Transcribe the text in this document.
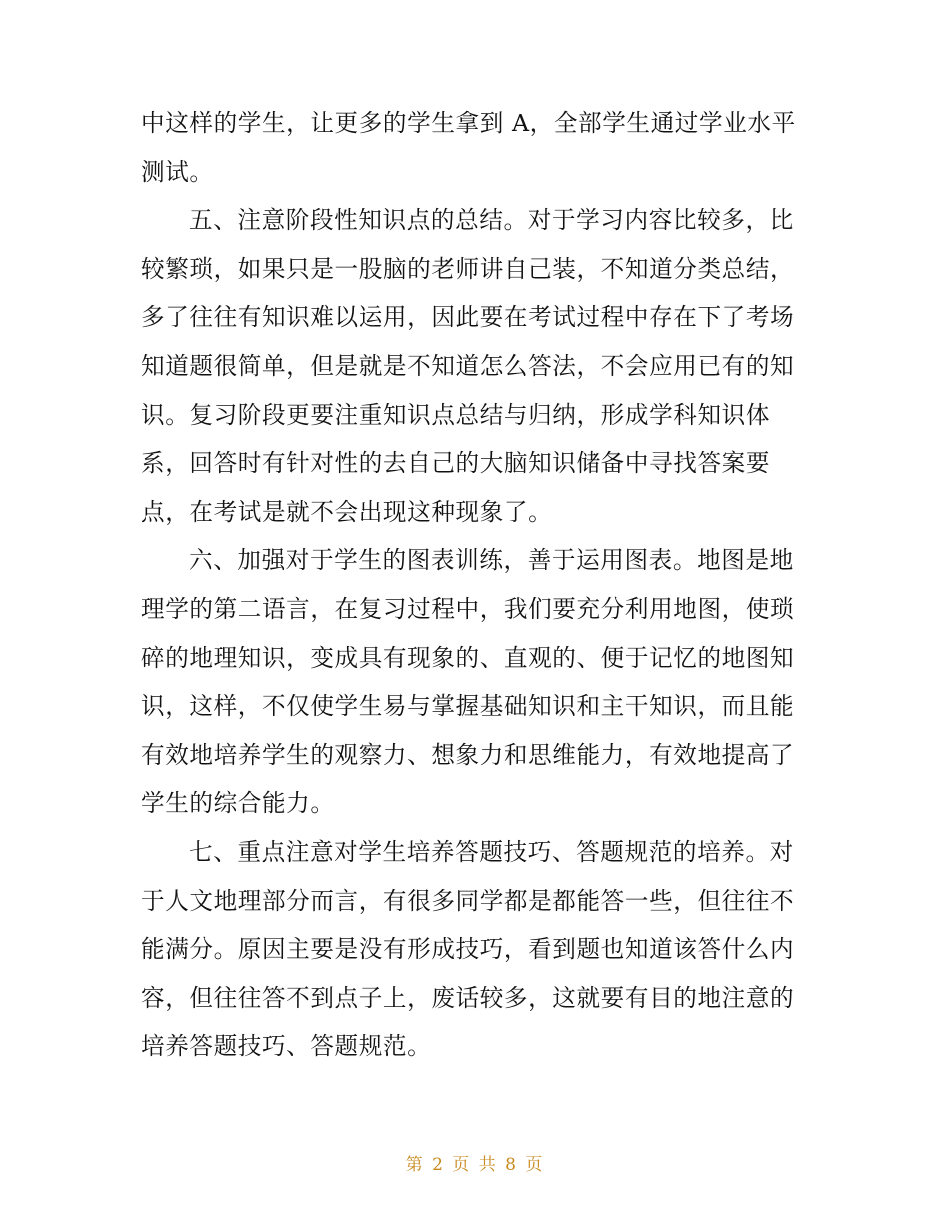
中这样的学生，让更多的学生拿到 A，全部学生通过学业水平
测试。
五、注意阶段性知识点的总结。对于学习内容比较多，比
较繁琐，如果只是一股脑的老师讲自己装，不知道分类总结，
多了往往有知识难以运用，因此要在考试过程中存在下了考场
知道题很简单，但是就是不知道怎么答法，不会应用已有的知
识。复习阶段更要注重知识点总结与归纳，形成学科知识体
系，回答时有针对性的去自己的大脑知识储备中寻找答案要
点，在考试是就不会出现这种现象了。
六、加强对于学生的图表训练，善于运用图表。地图是地
理学的第二语言，在复习过程中，我们要充分利用地图，使琐
碎的地理知识，变成具有现象的、直观的、便于记忆的地图知
识，这样，不仅使学生易与掌握基础知识和主干知识，而且能
有效地培养学生的观察力、想象力和思维能力，有效地提高了
学生的综合能力。
七、重点注意对学生培养答题技巧、答题规范的培养。对
于人文地理部分而言，有很多同学都是都能答一些，但往往不
能满分。原因主要是没有形成技巧，看到题也知道该答什么内
容，但往往答不到点子上，废话较多，这就要有目的地注意的
培养答题技巧、答题规范。
第 2 页 共 8 页
